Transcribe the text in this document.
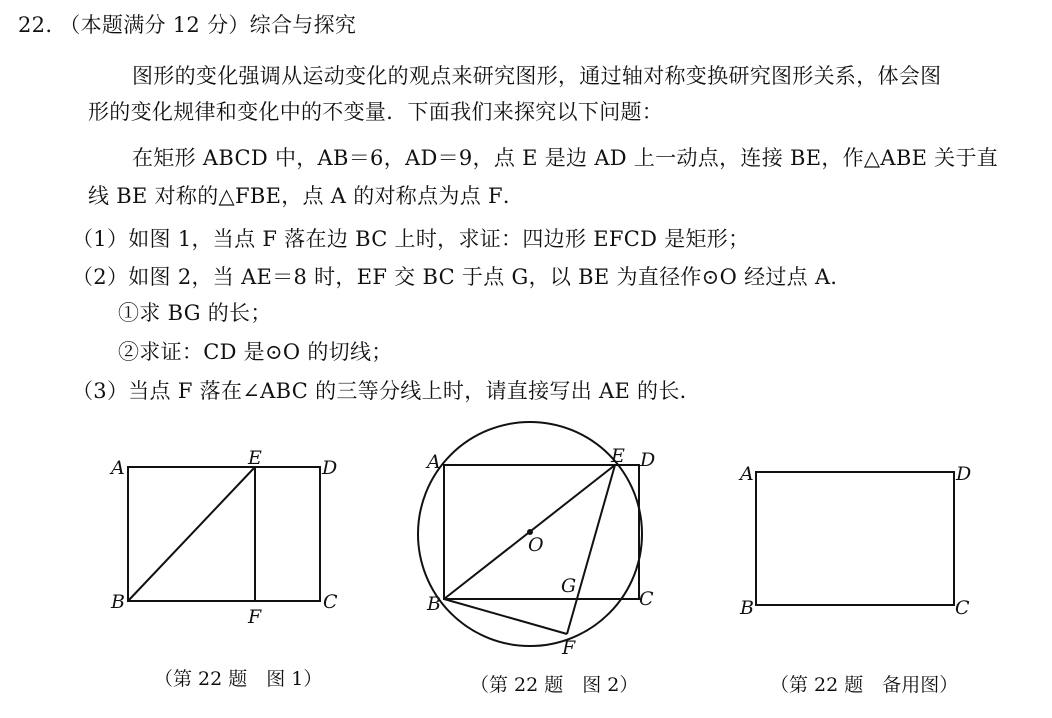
22. （本题满分 12 分）综合与探究
图形的变化强调从运动变化的观点来研究图形，通过轴对称变换研究图形关系，体会图
形的变化规律和变化中的不变量．下面我们来探究以下问题：
在矩形 ABCD 中，AB＝6，AD＝9，点 E 是边 AD 上一动点，连接 BE，作△ABE 关于直
线 BE 对称的△FBE，点 A 的对称点为点 F．
（1）如图 1，当点 F 落在边 BC 上时，求证：四边形 EFCD 是矩形；
（2）如图 2，当 AE＝8 时，EF 交 BC 于点 G，以 BE 为直径作⊙O 经过点 A．
①求 BG 的长；
②求证：CD 是⊙O 的切线；
（3）当点 F 落在∠ABC 的三等分线上时，请直接写出 AE 的长．
A	E	D
B
F
C
A	E D
O
G
B	C
F
A	D
B	C
（第 22 题　图 1）	（第 22 题　图 2）	（第 22 题　备用图）
